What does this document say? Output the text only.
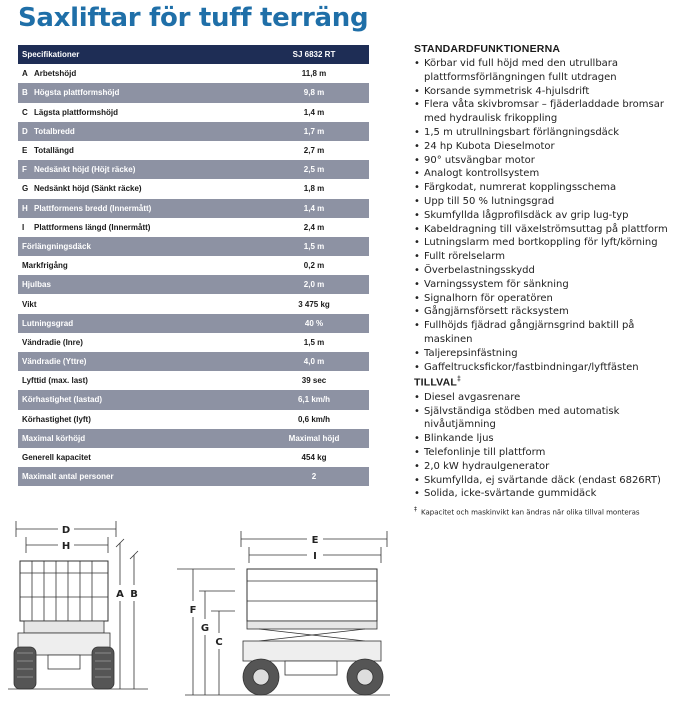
Saxliftar för tuff terräng
Specifikationer	SJ 6832 RT
A Arbetshöjd	11,8 m
B Högsta plattformshöjd	9,8 m
C Lägsta plattformshöjd	1,4 m
D Totalbredd	1,7 m
E Totallängd	2,7 m
F Nedsänkt höjd (Höjt räcke)	2,5 m
G Nedsänkt höjd (Sänkt räcke)	1,8 m
H Plattformens bredd (Innermått)	1,4 m
I Plattformens längd (Innermått)	2,4 m
Förlängningsdäck	1,5 m
Markfrigång	0,2 m
Hjulbas	2,0 m
Vikt	3 475 kg
Lutningsgrad	40 %
Vändradie (Inre)	1,5 m
Vändradie (Yttre)	4,0 m
Lyfttid (max. last)	39 sec
Körhastighet (lastad)	6,1 km/h
Körhastighet (lyft)	0,6 km/h
Maximal körhöjd	Maximal höjd
Generell kapacitet	454 kg
Maximalt antal personer	2
STANDARDFUNKTIONERNA
• Körbar vid full höjd med den utrullbara plattformsförlängningen fullt utdragen
• Korsande symmetrisk 4-hjulsdrift
• Flera våta skivbromsar – fjäderladdade bromsar med hydraulisk frikoppling
• 1,5 m utrullningsbart förlängningsdäck
• 24 hp Kubota Dieselmotor
• 90° utsvängbar motor
• Analogt kontrollsystem
• Färgkodat, numrerat kopplingsschema
• Upp till 50 % lutningsgrad
• Skumfyllda lågprofilsdäck av grip lug-typ
• Kabeldragning till växelströmsuttag på plattform
• Lutningslarm med bortkoppling för lyft/körning
• Fullt rörelselarm
• Överbelastningsskydd
• Varningssystem för sänkning
• Signalhorn för operatören
• Gångjärnsförsett räcksystem
• Fullhöjds fjädrad gångjärnsgrind baktill på maskinen
• Taljerepsinfästning
• Gaffeltrucksfickor/fastbindningar/lyftfästen
TILLVAL‡
• Diesel avgasrenare
• Självständiga stödben med automatisk nivåutjämning
• Blinkande ljus
• Telefonlinje till plattform
• 2,0 kW hydraulgenerator
• Skumfyllda, ej svärtande däck (endast 6826RT)
• Solida, icke-svärtande gummidäck
‡ Kapacitet och maskinvikt kan ändras när olika tillval monteras
D
H
A B
E
I
F
G
C
